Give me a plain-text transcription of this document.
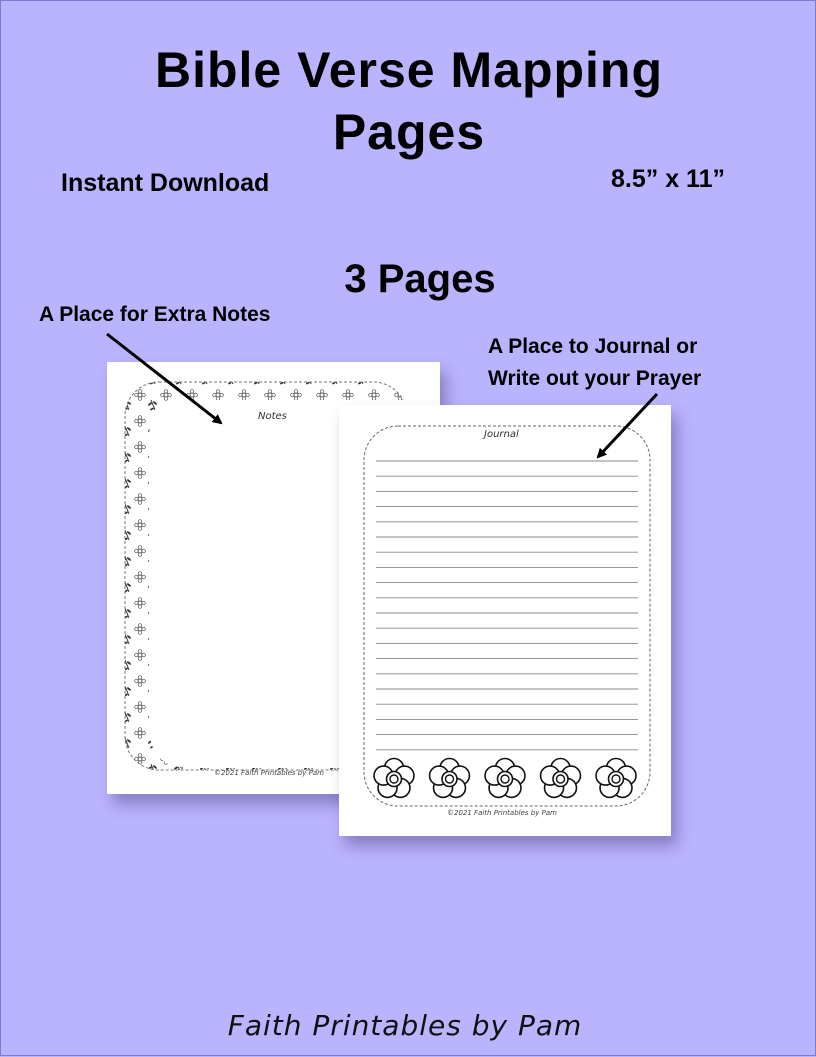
Bible Verse Mapping
Pages
Instant Download	8.5” x 11”
3 Pages
A Place for Extra Notes
A Place to Journal or
Write out your Prayer
Notes
©2021 Faith Printables by Pam
Journal
©2021 Faith Printables by Pam
Faith Printables by Pam
